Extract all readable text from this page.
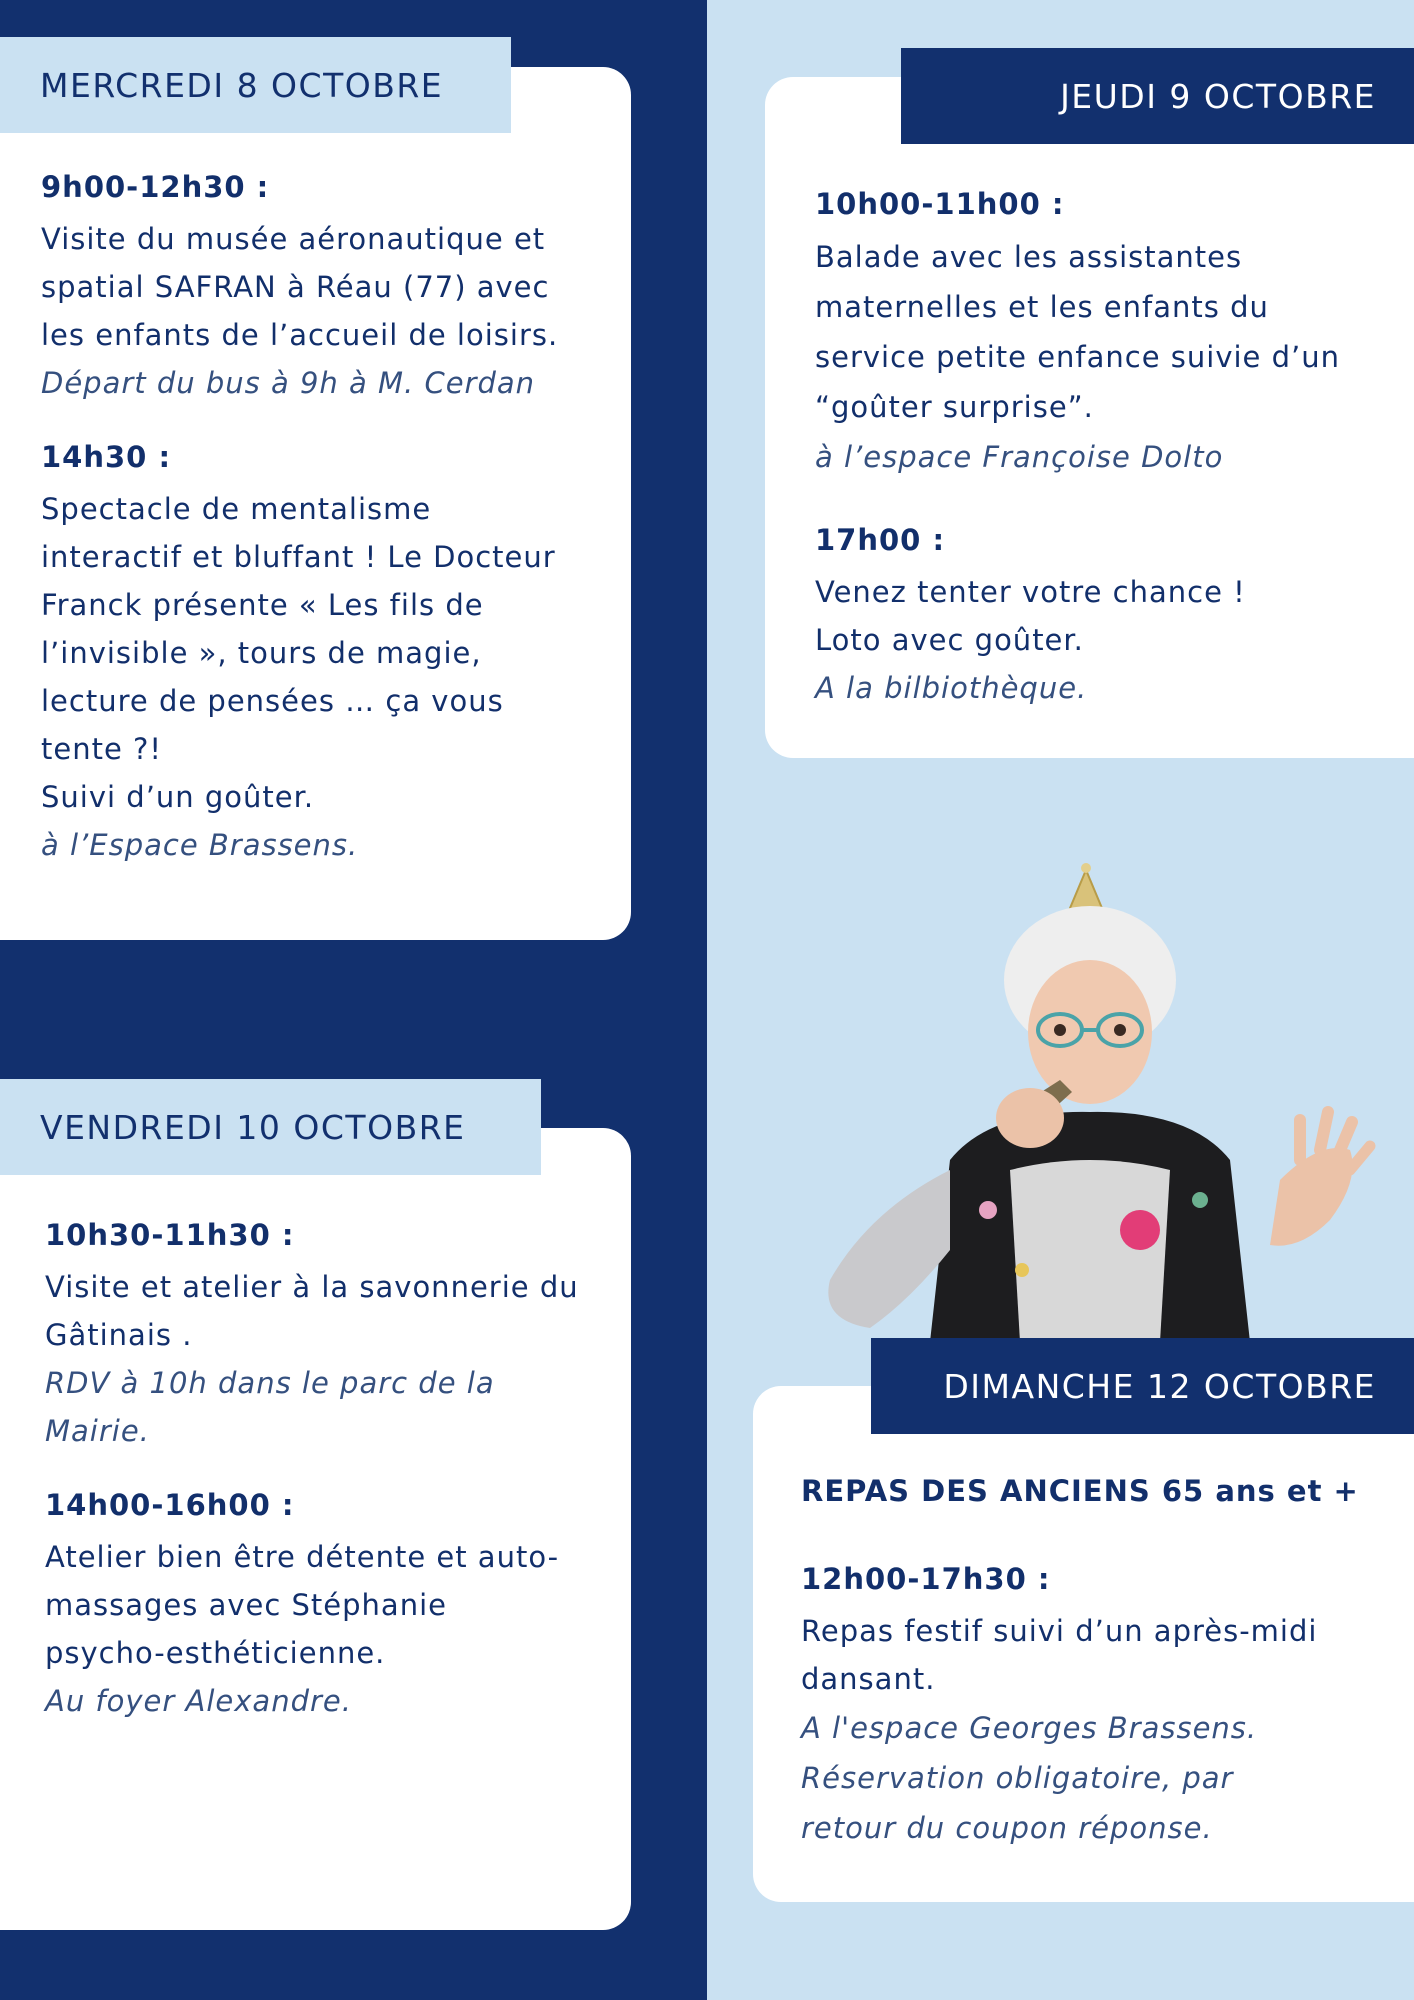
MERCREDI 8 OCTOBRE
9h00-12h30 :
Visite du musée aéronautique et
spatial SAFRAN à Réau (77) avec
les enfants de l’accueil de loisirs.
Départ du bus à 9h à M. Cerdan
14h30 :
Spectacle de mentalisme
interactif et bluffant ! Le Docteur
Franck présente « Les fils de
l’invisible », tours de magie,
lecture de pensées … ça vous
tente ?!
Suivi d’un goûter.
à l’Espace Brassens.
JEUDI 9 OCTOBRE
10h00-11h00 :
Balade avec les assistantes
maternelles et les enfants du
service petite enfance suivie d’un
“goûter surprise”.
à l’espace Françoise Dolto
17h00 :
Venez tenter votre chance !
Loto avec goûter.
A la bilbiothèque.
VENDREDI 10 OCTOBRE
10h30-11h30 :
Visite et atelier à la savonnerie du
Gâtinais .
RDV à 10h dans le parc de la
Mairie.
14h00-16h00 :
Atelier bien être détente et auto-
massages avec Stéphanie
psycho-esthéticienne.
Au foyer Alexandre.
DIMANCHE 12 OCTOBRE
REPAS DES ANCIENS 65 ans et +
12h00-17h30 :
Repas festif suivi d’un après-midi
dansant.
A l'espace Georges Brassens.
Réservation obligatoire, par
retour du coupon réponse.
